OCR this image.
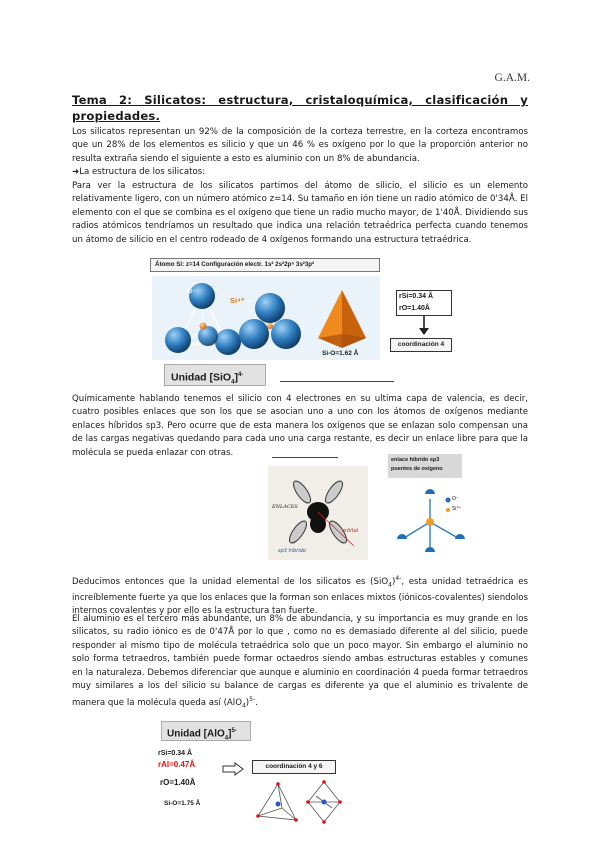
G.A.M.
Tema 2: Silicatos: estructura, cristaloquímica, clasificación y propiedades.
Los silicatos representan un 92% de la composición de la corteza terrestre, en la corteza encontramos que un 28% de los elementos es silicio y que un 46 % es oxígeno por lo que la proporción anterior no resulta extraña siendo el siguiente a esto es aluminio con un 8% de abundancia.
➜La estructura de los silicatos:
Para ver la estructura de los silicatos partimos del átomo de silicio, el silicio es un elemento relativamente ligero, con un número atómico z=14. Su tamaño en ión tiene un radio atómico de 0'34Å. El elemento con el que se combina es el oxígeno que tiene un radio mucho mayor, de 1'40Å. Dividiendo sus radios atómicos tendríamos un resultado que indica una relación tetraédrica perfecta cuando tenemos un átomo de silicio en el centro rodeado de 4 oxígenos formando una estructura tetraédrica.
Átomo Si: z=14 Configuración electr. 1s² 2s²2p⁶ 3s²3p²
O⁻
Si⁴⁺	rSi=0.34 Å
rO=1.40Å
coordinación 4
Si-O=1.62 Å
Unidad $[SiO_4]^{4-}$
Químicamente hablando tenemos el silicio con 4 electrones en su ultima capa de valencia, es decir, cuatro posibles enlaces que son los que se asocian uno a uno con los átomos de oxígenos mediante enlaces híbridos sp3. Pero ocurre que de esta manera los oxígenos que se enlazan solo compensan una de las cargas negativas quedando para cada uno una carga restante, es decir un enlace libre para que la molécula se pueda enlazar con otras.
ENLACES
orbital
sp3 híbrido
enlace híbrido sp3 puentes de oxígeno
O⁻
Si⁴⁺
Deducimos entonces que la unidad elemental de los silicatos es $(SiO_4)^{4-}$, esta unidad tetraédrica es increíblemente fuerte ya que los enlaces que la forman son enlaces mixtos (iónicos-covalentes) siendolos internos covalentes y por ello es la estructura tan fuerte.
El aluminio es el tercero más abundante, un 8% de abundancia, y su importancia es muy grande en los silicatos, su radio iónico es de 0'47Å por lo que , como no es demasiado diferente al del silicio, puede responder al mismo tipo de molécula tetraédrica solo que un poco mayor. Sin embargo el aluminio no solo forma tetraedros, también puede formar octaedros siendo ambas estructuras estables y comunes en la naturaleza. Debemos diferenciar que aunque e aluminio en coordinación 4 pueda formar tetraedros muy similares a los del silicio su balance de cargas es diferente ya que el aluminio es trivalente de manera que la molécula queda así $(AlO_4)^{5-}$.
Unidad $[AlO_4]^{5-}$
rSi=0.34 Å
rAl=0.47Å
rO=1.40Å
Si-O=1.75 Å
coordinación 4 y 6
